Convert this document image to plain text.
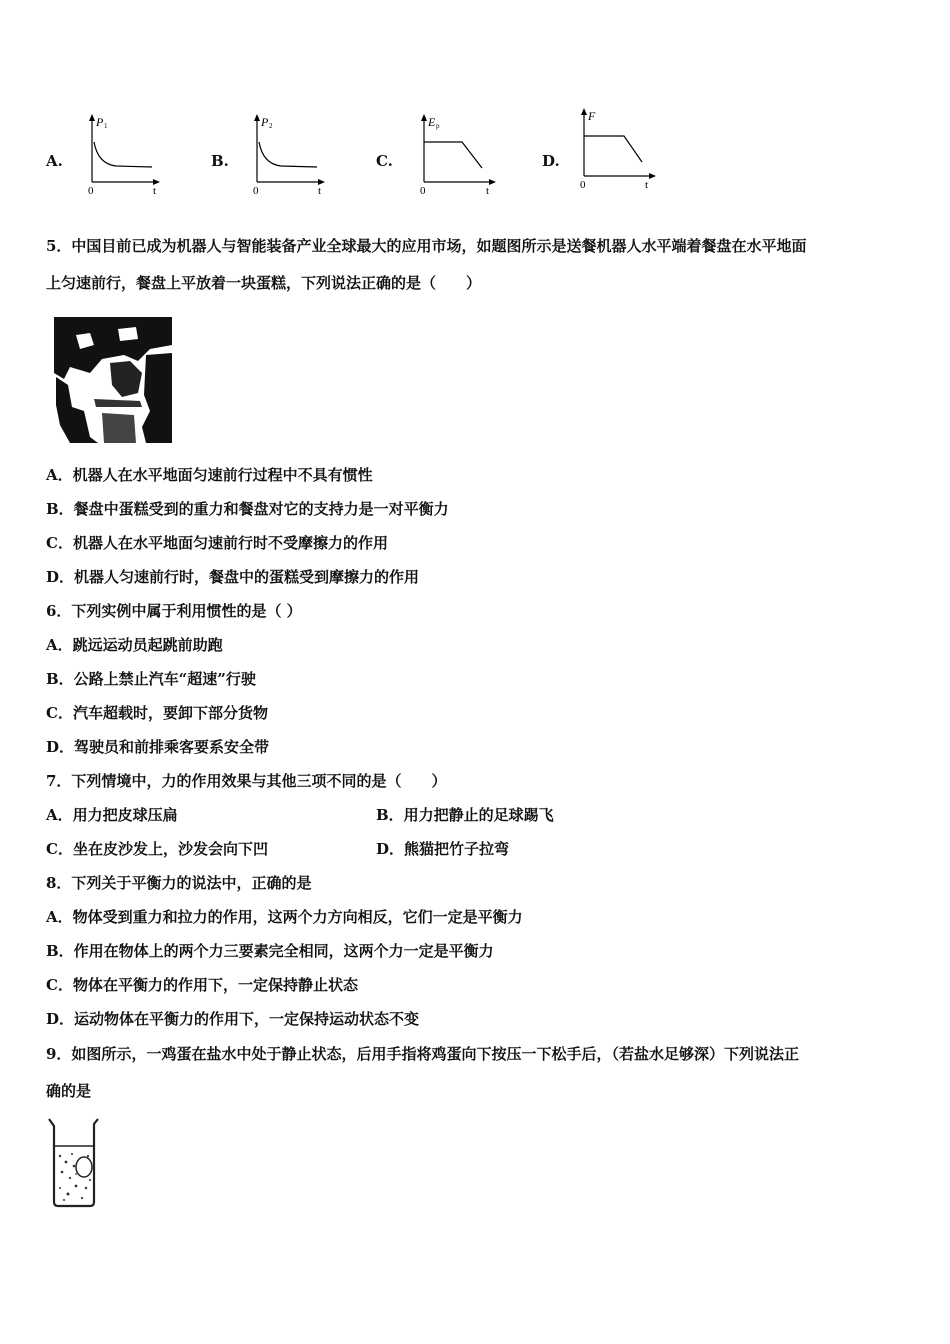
A.
P 1
t
0
B.
P 2
t
0
C.
E p
t
0
D.
F
t
0
5．中国目前已成为机器人与智能装备产业全球最大的应用市场，如题图所示是送餐机器人水平端着餐盘在水平地面
上匀速前行，餐盘上平放着一块蛋糕，下列说法正确的是（　　）
A．机器人在水平地面匀速前行过程中不具有惯性
B．餐盘中蛋糕受到的重力和餐盘对它的支持力是一对平衡力
C．机器人在水平地面匀速前行时不受摩擦力的作用
D．机器人匀速前行时，餐盘中的蛋糕受到摩擦力的作用
6．下列实例中属于利用惯性的是（ ）
A．跳远运动员起跳前助跑
B．公路上禁止汽车“超速”行驶
C．汽车超载时，要卸下部分货物
D．驾驶员和前排乘客要系安全带
7．下列情境中，力的作用效果与其他三项不同的是（　　）
A．用力把皮球压扁	B．用力把静止的足球踢飞
C．坐在皮沙发上，沙发会向下凹	D．熊猫把竹子拉弯
8．下列关于平衡力的说法中，正确的是
A．物体受到重力和拉力的作用，这两个力方向相反，它们一定是平衡力
B．作用在物体上的两个力三要素完全相同，这两个力一定是平衡力
C．物体在平衡力的作用下，一定保持静止状态
D．运动物体在平衡力的作用下，一定保持运动状态不变
9．如图所示，一鸡蛋在盐水中处于静止状态，后用手指将鸡蛋向下按压一下松手后，（若盐水足够深）下列说法正
确的是
